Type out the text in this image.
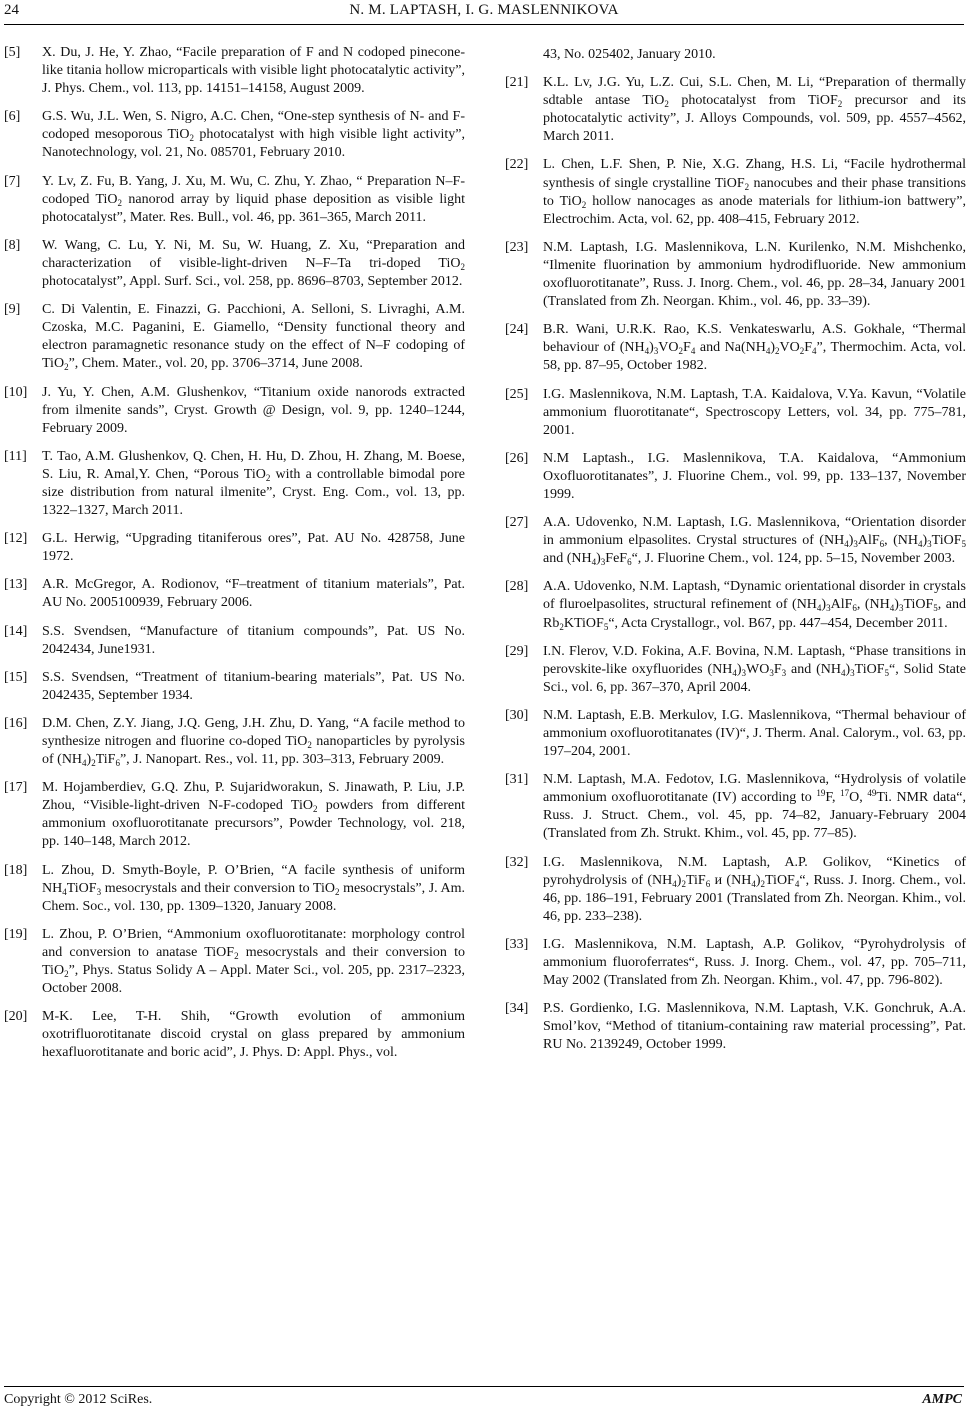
24	N. M. LAPTASH, I. G. MASLENNIKOVA
[5] X. Du, J. He, Y. Zhao, “Facile preparation of F and N codoped pinecone-like titania hollow microparticals with visible light photocatalytic activity”, J. Phys. Chem., vol. 113, pp. 14151–14158, August 2009.
[6] G.S. Wu, J.L. Wen, S. Nigro, A.C. Chen, “One-step synthesis of N- and F-codoped mesoporous TiO$_2$ photocatalyst with high visible light activity”, Nanotechnology, vol. 21, No. 085701, February 2010.
[7] Y. Lv, Z. Fu, B. Yang, J. Xu, M. Wu, C. Zhu, Y. Zhao, “ Preparation N–F-codoped TiO$_2$ nanorod array by liquid phase deposition as visible light photocatalyst”, Mater. Res. Bull., vol. 46, pp. 361–365, March 2011.
[8] W. Wang, C. Lu, Y. Ni, M. Su, W. Huang, Z. Xu, “Preparation and characterization of visible-light-driven N–F–Ta tri-doped TiO$_2$ photocatalyst”, Appl. Surf. Sci., vol. 258, pp. 8696–8703, September 2012.
[9] C. Di Valentin, E. Finazzi, G. Pacchioni, A. Selloni, S. Livraghi, A.M. Czoska, M.C. Paganini, E. Giamello, “Density functional theory and electron paramagnetic resonance study on the effect of N–F codoping of TiO$_2$”, Chem. Mater., vol. 20, pp. 3706–3714, June 2008.
[10] J. Yu, Y. Chen, A.M. Glushenkov, “Titanium oxide nanorods extracted from ilmenite sands”, Cryst. Growth @ Design, vol. 9, pp. 1240–1244, February 2009.
[11] T. Tao, A.M. Glushenkov, Q. Chen, H. Hu, D. Zhou, H. Zhang, M. Boese, S. Liu, R. Amal,Y. Chen, “Porous TiO$_2$ with a controllable bimodal pore size distribution from natural ilmenite”, Cryst. Eng. Com., vol. 13, pp. 1322–1327, March 2011.
[12] G.L. Herwig, “Upgrading titaniferous ores”, Pat. AU No. 428758, June 1972.
[13] A.R. McGregor, A. Rodionov, “F–treatment of titanium materials”, Pat. AU No. 2005100939, February 2006.
[14] S.S. Svendsen, “Manufacture of titanium compounds”, Pat. US No. 2042434, June1931.
[15] S.S. Svendsen, “Treatment of titanium-bearing materials”, Pat. US No. 2042435, September 1934.
[16] D.M. Chen, Z.Y. Jiang, J.Q. Geng, J.H. Zhu, D. Yang, “A facile method to synthesize nitrogen and fluorine co-doped TiO$_2$ nanoparticles by pyrolysis of $(NH_4)_2TiF_6$”, J. Nanopart. Res., vol. 11, pp. 303–313, February 2009.
[17] M. Hojamberdiev, G.Q. Zhu, P. Sujaridworakun, S. Jinawath, P. Liu, J.P. Zhou, “Visible-light-driven N-F-codoped TiO$_2$ powders from different ammonium oxofluorotitanate precursors”, Powder Technology, vol. 218, pp. 140–148, March 2012.
[18] L. Zhou, D. Smyth-Boyle, P. O’Brien, “A facile synthesis of uniform $NH_4TiOF_3$ mesocrystals and their conversion to TiO$_2$ mesocrystals”, J. Am. Chem. Soc., vol. 130, pp. 1309–1320, January 2008.
[19] L. Zhou, P. O’Brien, “Ammonium oxofluorotitanate: morphology control and conversion to anatase TiOF$_2$ mesocrystals and their conversion to TiO$_2$”, Phys. Status Solidy A – Appl. Mater Sci., vol. 205, pp. 2317–2323, October 2008.
[20] M-K. Lee, T-H. Shih, “Growth evolution of ammonium oxotrifluorotitanate discoid crystal on glass prepared by ammonium hexafluorotitanate and boric acid”, J. Phys. D: Appl. Phys., vol.
43, No. 025402, January 2010.
[21] K.L. Lv, J.G. Yu, L.Z. Cui, S.L. Chen, M. Li, “Preparation of thermally sdtable antase TiO$_2$ photocatalyst from TiOF$_2$ precursor and its photocatalytic activity”, J. Alloys Compounds, vol. 509, pp. 4557–4562, March 2011.
[22] L. Chen, L.F. Shen, P. Nie, X.G. Zhang, H.S. Li, “Facile hydrothermal synthesis of single crystalline TiOF$_2$ nanocubes and their phase transitions to TiO$_2$ hollow nanocages as anode materials for lithium-ion battwery”, Electrochim. Acta, vol. 62, pp. 408–415, February 2012.
[23] N.M. Laptash, I.G. Maslennikova, L.N. Kurilenko, N.M. Mishchenko, “Ilmenite fluorination by ammonium hydrodifluoride. New ammonium oxofluorotitanate”, Russ. J. Inorg. Chem., vol. 46, pp. 28–34, January 2001 (Translated from Zh. Neorgan. Khim., vol. 46, pp. 33–39).
[24] B.R. Wani, U.R.K. Rao, K.S. Venkateswarlu, A.S. Gokhale, “Thermal behaviour of $(NH_4)_3VO_2F_4$ and $Na(NH_4)_2VO_2F_4$”, Thermochim. Acta, vol. 58, pp. 87–95, October 1982.
[25] I.G. Maslennikova, N.M. Laptash, T.A. Kaidalova, V.Ya. Kavun, “Volatile ammonium fluorotitanate“, Spectroscopy Letters, vol. 34, pp. 775–781, 2001.
[26] N.M Laptash., I.G. Maslennikova, T.A. Kaidalova, “Ammonium Oxofluorotitanates”, J. Fluorine Chem., vol. 99, pp. 133–137, November 1999.
[27] A.A. Udovenko, N.M. Laptash, I.G. Maslennikova, “Orientation disorder in ammonium elpasolites. Crystal structures of $(NH_4)_3AlF_6$, $(NH_4)_3TiOF_5$ and $(NH_4)_3FeF_6“$, J. Fluorine Chem., vol. 124, pp. 5–15, November 2003.
[28] A.A. Udovenko, N.M. Laptash, “Dynamic orientational disorder in crystals of fluroelpasolites, structural refinement of $(NH_4)_3AlF_6$, $(NH_4)_3TiOF_5$, and $Rb_2KTiOF_5“$, Acta Crystallogr., vol. B67, pp. 447–454, December 2011.
[29] I.N. Flerov, V.D. Fokina, A.F. Bovina, N.M. Laptash, “Phase transitions in perovskite-like oxyfluorides $(NH_4)_3WO_3F_3$ and $(NH_4)_3TiOF_5“$, Solid State Sci., vol. 6, pp. 367–370, April 2004.
[30] N.M. Laptash, E.B. Merkulov, I.G. Maslennikova, “Thermal behaviour of ammonium oxofluorotitanates (IV)“, J. Therm. Anal. Calorym., vol. 63, pp. 197–204, 2001.
[31] N.M. Laptash, M.A. Fedotov, I.G. Maslennikova, “Hydrolysis of volatile ammonium oxofluorotitanate (IV) according to $^{19}$F, $^{17}$O, $^{49}$Ti. NMR data“, Russ. J. Struct. Chem., vol. 45, pp. 74–82, January-February 2004 (Translated from Zh. Strukt. Khim., vol. 45, pp. 77–85).
[32] I.G. Maslennikova, N.M. Laptash, A.P. Golikov, “Kinetics of pyrohydrolysis of $(NH_4)_2TiF_6$ и $(NH_4)_2TiOF_4“$, Russ. J. Inorg. Chem., vol. 46, pp. 186–191, February 2001 (Translated from Zh. Neorgan. Khim., vol. 46, pp. 233–238).
[33] I.G. Maslennikova, N.M. Laptash, A.P. Golikov, “Pyrohydrolysis of ammonium fluoroferrates“, Russ. J. Inorg. Chem., vol. 47, pp. 705–711, May 2002 (Translated from Zh. Neorgan. Khim., vol. 47, pp. 796-802).
[34] P.S. Gordienko, I.G. Maslennikova, N.M. Laptash, V.K. Gonchruk, A.A. Smol’kov, “Method of titanium-containing raw material processing”, Pat. RU No. 2139249, October 1999.
Copyright © 2012 SciRes.	AMPC
